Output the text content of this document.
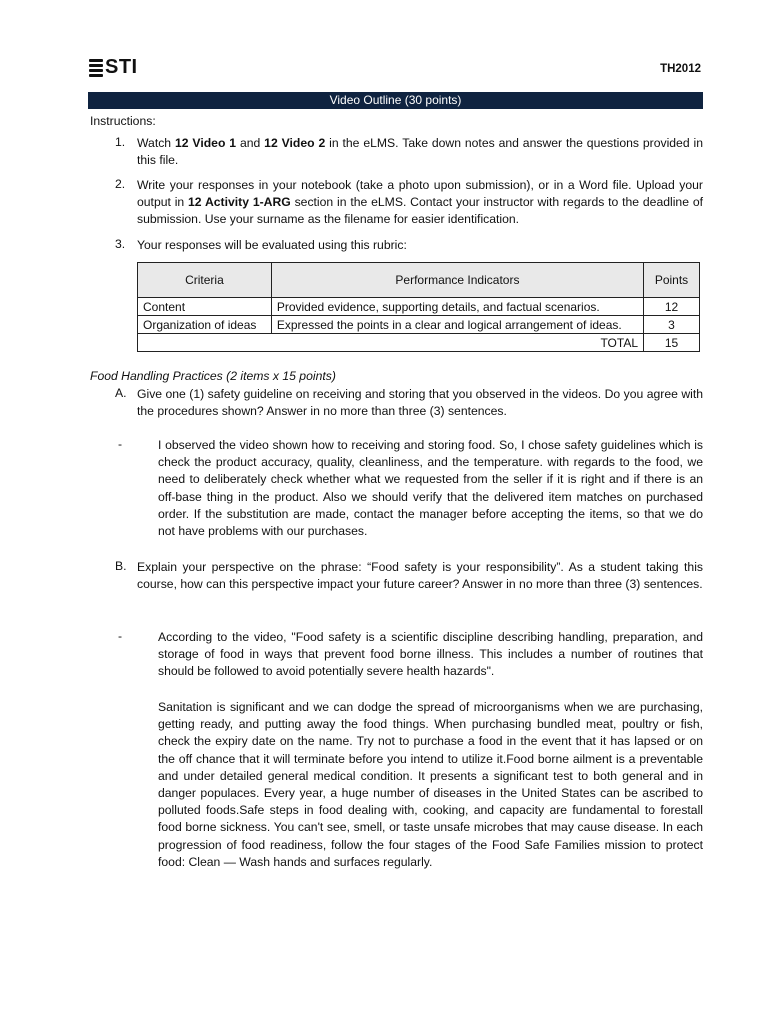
STI	TH2012
Video Outline (30 points)
Instructions:
1. Watch 12 Video 1 and 12 Video 2 in the eLMS. Take down notes and answer the questions provided in this file.
2. Write your responses in your notebook (take a photo upon submission), or in a Word file. Upload your output in 12 Activity 1-ARG section in the eLMS. Contact your instructor with regards to the deadline of submission. Use your surname as the filename for easier identification.
3. Your responses will be evaluated using this rubric:
Criteria	Performance Indicators	Points
Content	Provided evidence, supporting details, and factual scenarios.	12
Organization of ideas	Expressed the points in a clear and logical arrangement of ideas.	3
TOTAL		15
Food Handling Practices (2 items x 15 points)
A. Give one (1) safety guideline on receiving and storing that you observed in the videos. Do you agree with the procedures shown? Answer in no more than three (3) sentences.
-	I observed the video shown how to receiving and storing food. So, I chose safety guidelines which is check the product accuracy, quality, cleanliness, and the temperature. with regards to the food, we need to deliberately check whether what we requested from the seller if it is right and if there is an off-base thing in the product. Also we should verify that the delivered item matches on purchased order. If the substitution are made, contact the manager before accepting the items, so that we do not have problems with our purchases.
B. Explain your perspective on the phrase: “Food safety is your responsibility”. As a student taking this course, how can this perspective impact your future career? Answer in no more than three (3) sentences.
-	According to the video, "Food safety is a scientific discipline describing handling, preparation, and storage of food in ways that prevent food borne illness. This includes a number of routines that should be followed to avoid potentially severe health hazards".
Sanitation is significant and we can dodge the spread of microorganisms when we are purchasing, getting ready, and putting away the food things. When purchasing bundled meat, poultry or fish, check the expiry date on the name. Try not to purchase a food in the event that it has lapsed or on the off chance that it will terminate before you intend to utilize it.Food borne ailment is a preventable and under detailed general medical condition. It presents a significant test to both general and in danger populaces. Every year, a huge number of diseases in the United States can be ascribed to polluted foods.Safe steps in food dealing with, cooking, and capacity are fundamental to forestall food borne sickness. You can't see, smell, or taste unsafe microbes that may cause disease. In each progression of food readiness, follow the four stages of the Food Safe Families mission to protect food: Clean — Wash hands and surfaces regularly.
